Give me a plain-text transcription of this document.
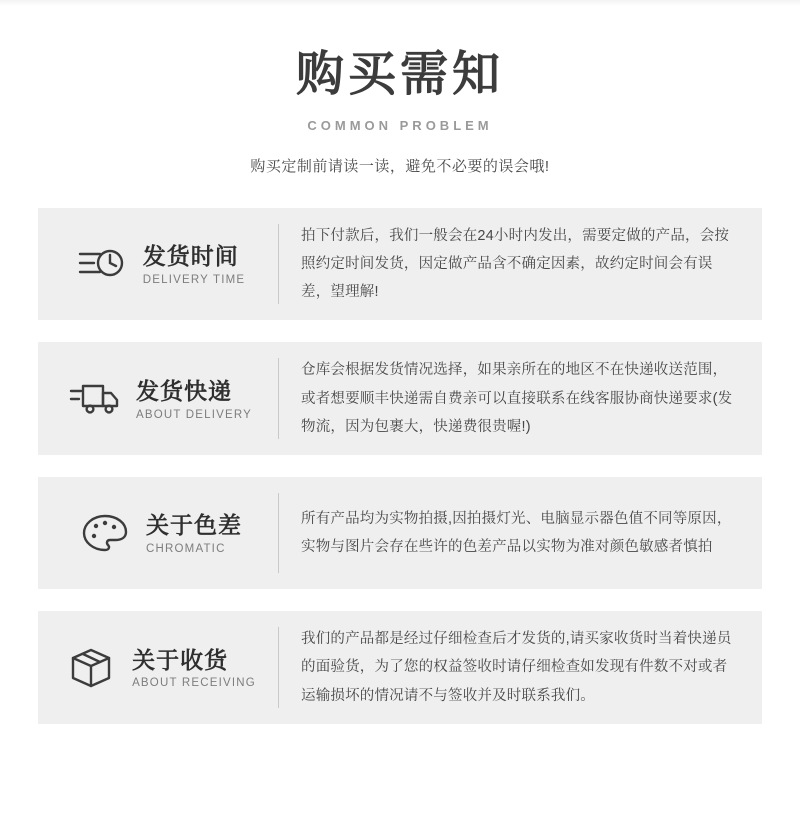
购买需知
COMMON PROBLEM
购买定制前请读一读，避免不必要的误会哦!
发货时间
DELIVERY TIME
拍下付款后，我们一般会在24小时内发出，需要定做的产品，会按照约定时间发货，因定做产品含不确定因素，故约定时间会有误差，望理解!
发货快递
ABOUT DELIVERY
仓库会根据发货情况选择，如果亲所在的地区不在快递收送范围，或者想要顺丰快递需自费亲可以直接联系在线客服协商快递要求(发物流，因为包裹大，快递费很贵喔!)
关于色差
CHROMATIC
所有产品均为实物拍摄,因拍摄灯光、电脑显示器色值不同等原因，实物与图片会存在些许的色差产品以实物为准对颜色敏感者慎拍
关于收货
ABOUT RECEIVING
我们的产品都是经过仔细检查后才发货的,请买家收货时当着快递员的面验货，为了您的权益签收时请仔细检查如发现有件数不对或者运输损坏的情况请不与签收并及时联系我们。
